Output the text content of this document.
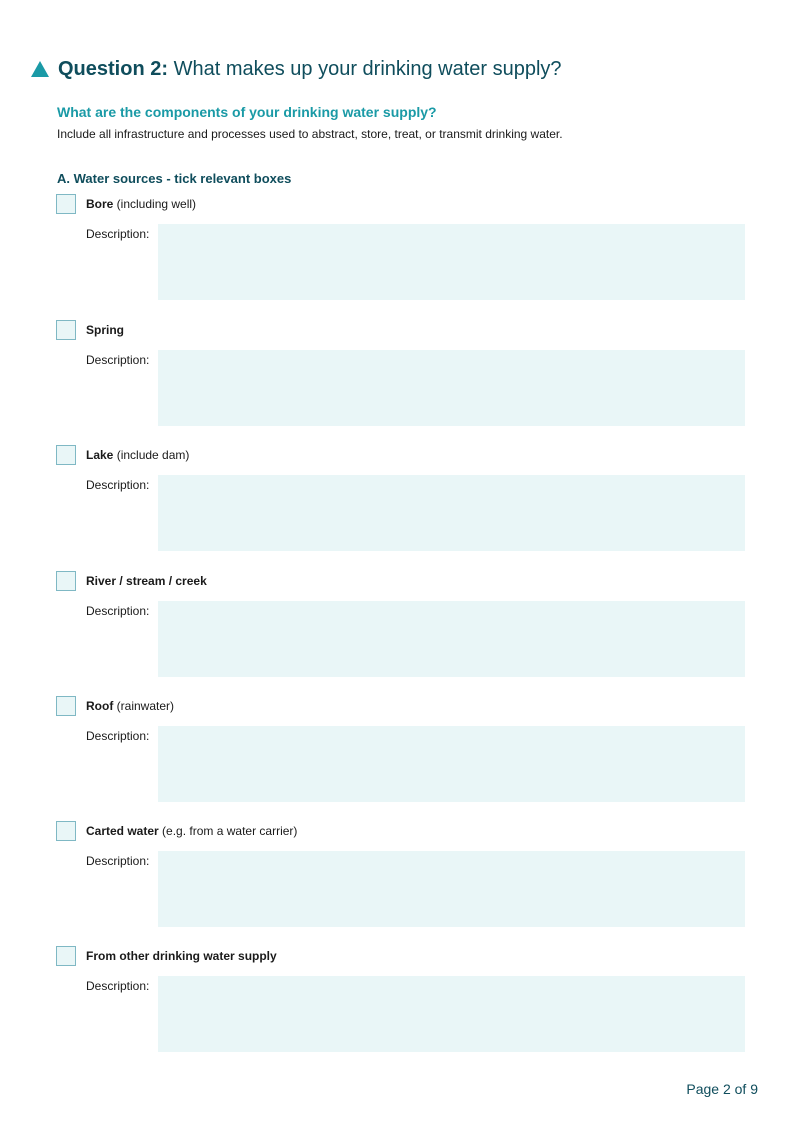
Question 2: What makes up your drinking water supply?
What are the components of your drinking water supply?
Include all infrastructure and processes used to abstract, store, treat, or transmit drinking water.
A. Water sources - tick relevant boxes
Bore (including well)
Description:
Spring
Description:
Lake (include dam)
Description:
River / stream / creek
Description:
Roof (rainwater)
Description:
Carted water (e.g. from a water carrier)
Description:
From other drinking water supply
Description:
Page 2 of 9
